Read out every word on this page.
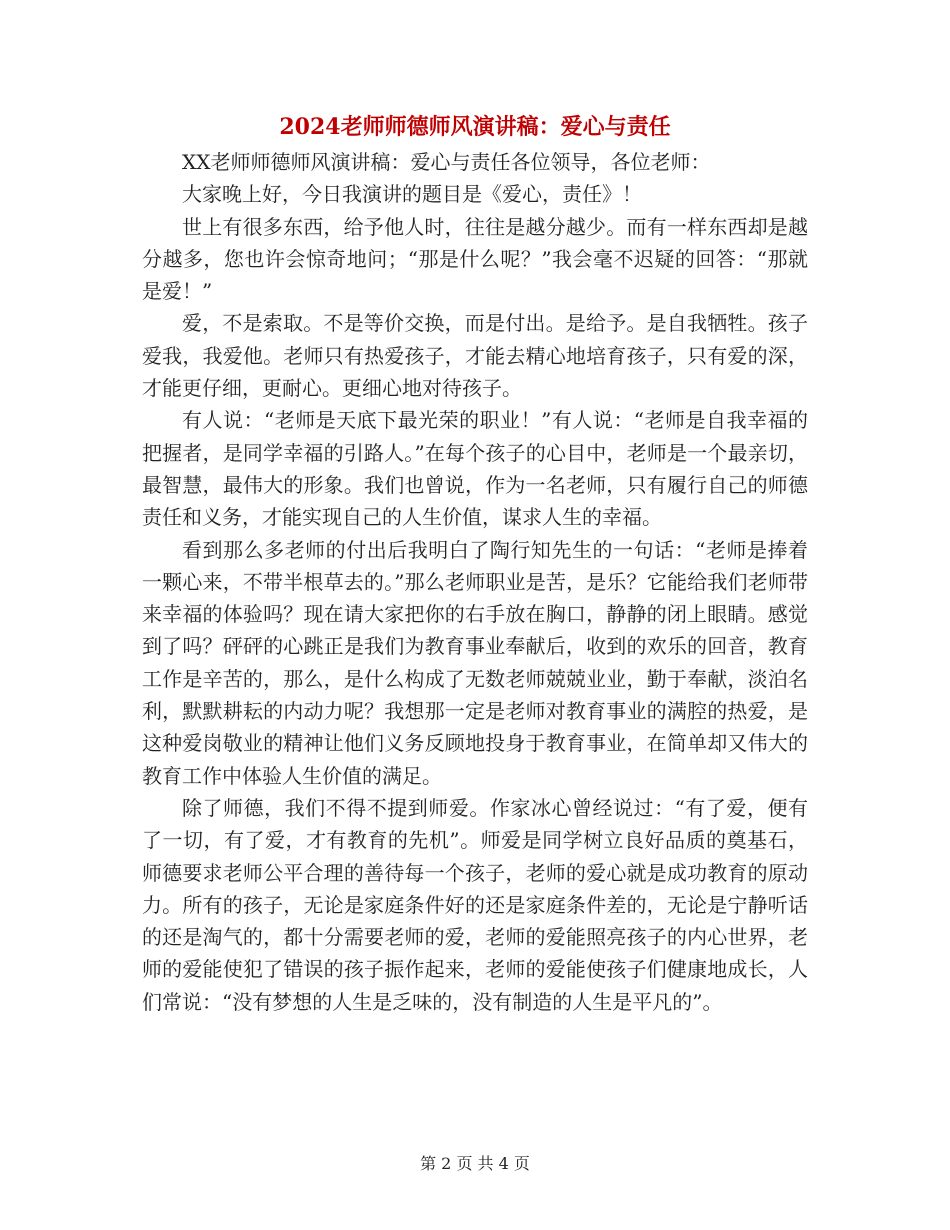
2024老师师德师风演讲稿：爱心与责任

XX老师师德师风演讲稿：爱心与责任各位领导，各位老师：

大家晚上好，今日我演讲的题目是《爱心，责任》！

世上有很多东西，给予他人时，往往是越分越少。而有一样东西却是越分越多，您也许会惊奇地问；“那是什么呢？”我会毫不迟疑的回答：“那就是爱！”

爱，不是索取。不是等价交换，而是付出。是给予。是自我牺牲。孩子爱我，我爱他。老师只有热爱孩子，才能去精心地培育孩子，只有爱的深，才能更仔细，更耐心。更细心地对待孩子。

有人说：“老师是天底下最光荣的职业！”有人说：“老师是自我幸福的把握者，是同学幸福的引路人。”在每个孩子的心目中，老师是一个最亲切，最智慧，最伟大的形象。我们也曾说，作为一名老师，只有履行自己的师德责任和义务，才能实现自己的人生价值，谋求人生的幸福。

看到那么多老师的付出后我明白了陶行知先生的一句话：“老师是捧着一颗心来，不带半根草去的。”那么老师职业是苦，是乐？它能给我们老师带来幸福的体验吗？现在请大家把你的右手放在胸口，静静的闭上眼睛。感觉到了吗？砰砰的心跳正是我们为教育事业奉献后，收到的欢乐的回音，教育工作是辛苦的，那么，是什么构成了无数老师兢兢业业，勤于奉献，淡泊名利，默默耕耘的内动力呢？我想那一定是老师对教育事业的满腔的热爱，是这种爱岗敬业的精神让他们义务反顾地投身于教育事业，在简单却又伟大的教育工作中体验人生价值的满足。

除了师德，我们不得不提到师爱。作家冰心曾经说过：“有了爱，便有了一切，有了爱，才有教育的先机”。师爱是同学树立良好品质的奠基石，师德要求老师公平合理的善待每一个孩子，老师的爱心就是成功教育的原动力。所有的孩子，无论是家庭条件好的还是家庭条件差的，无论是宁静听话的还是淘气的，都十分需要老师的爱，老师的爱能照亮孩子的内心世界，老师的爱能使犯了错误的孩子振作起来，老师的爱能使孩子们健康地成长，人们常说：“没有梦想的人生是乏味的，没有制造的人生是平凡的”。

第 2 页 共 4 页
